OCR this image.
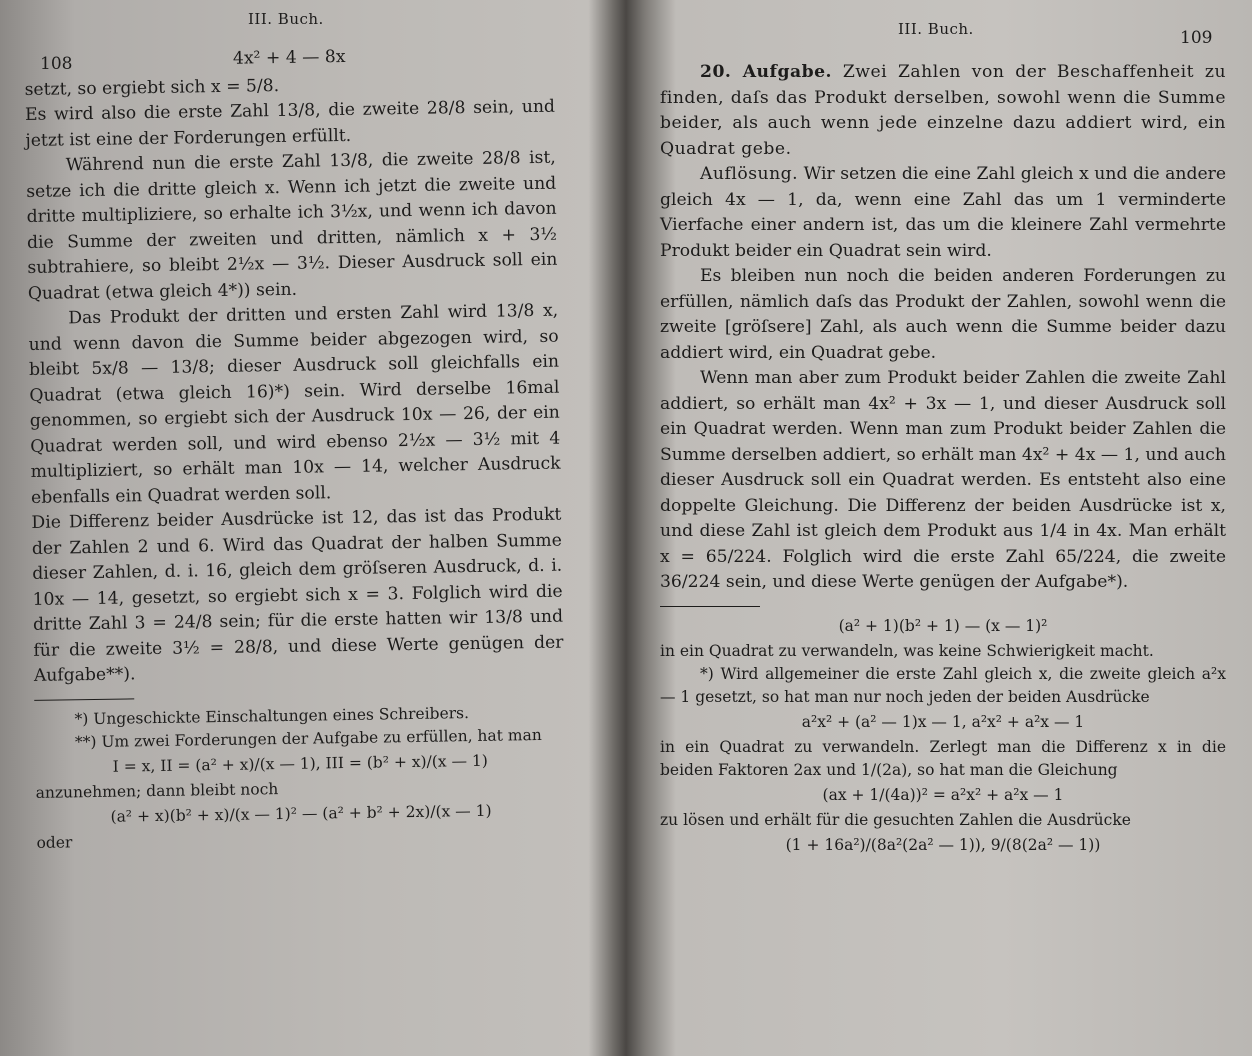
III. Buch.
108	4x² + 4 — 8x

setzt, so ergiebt sich x = 5/8.

Es wird also die erste Zahl 13/8, die zweite 28/8 sein, und jetzt ist eine der Forderungen erfüllt.

Während nun die erste Zahl 13/8, die zweite 28/8 ist, setze ich die dritte gleich x. Wenn ich jetzt die zweite und dritte multipliziere, so erhalte ich 3½x, und wenn ich davon die Summe der zweiten und dritten, nämlich x + 3½ subtrahiere, so bleibt 2½x — 3½. Dieser Ausdruck soll ein Quadrat (etwa gleich 4*)) sein.

Das Produkt der dritten und ersten Zahl wird 13/8 x, und wenn davon die Summe beider abgezogen wird, so bleibt 5x/8 — 13/8; dieser Ausdruck soll gleichfalls ein Quadrat (etwa gleich 16)*) sein. Wird derselbe 16mal genommen, so ergiebt sich der Ausdruck 10x — 26, der ein Quadrat werden soll, und wird ebenso 2½x — 3½ mit 4 multipliziert, so erhält man 10x — 14, welcher Ausdruck ebenfalls ein Quadrat werden soll.

Die Differenz beider Ausdrücke ist 12, das ist das Produkt der Zahlen 2 und 6. Wird das Quadrat der halben Summe dieser Zahlen, d. i. 16, gleich dem gröſseren Ausdruck, d. i. 10x — 14, gesetzt, so ergiebt sich x = 3. Folglich wird die dritte Zahl 3 = 24/8 sein; für die erste hatten wir 13/8 und für die zweite 3½ = 28/8, und diese Werte genügen der Aufgabe**).

*) Ungeschickte Einschaltungen eines Schreibers.

**) Um zwei Forderungen der Aufgabe zu erfüllen, hat man

I = x, II = (a² + x)/(x — 1), III = (b² + x)/(x — 1)

anzunehmen; dann bleibt noch

(a² + x)(b² + x)/(x — 1)² — (a² + b² + 2x)/(x — 1)

oder

III. Buch.	109

20. Aufgabe. Zwei Zahlen von der Beschaffenheit zu finden, daſs das Produkt derselben, sowohl wenn die Summe beider, als auch wenn jede einzelne dazu addiert wird, ein Quadrat gebe.

Auflösung. Wir setzen die eine Zahl gleich x und die andere gleich 4x — 1, da, wenn eine Zahl das um 1 verminderte Vierfache einer andern ist, das um die kleinere Zahl vermehrte Produkt beider ein Quadrat sein wird.

Es bleiben nun noch die beiden anderen Forderungen zu erfüllen, nämlich daſs das Produkt der Zahlen, sowohl wenn die zweite [gröſsere] Zahl, als auch wenn die Summe beider dazu addiert wird, ein Quadrat gebe.

Wenn man aber zum Produkt beider Zahlen die zweite Zahl addiert, so erhält man 4x² + 3x — 1, und dieser Ausdruck soll ein Quadrat werden. Wenn man zum Produkt beider Zahlen die Summe derselben addiert, so erhält man 4x² + 4x — 1, und auch dieser Ausdruck soll ein Quadrat werden. Es entsteht also eine doppelte Gleichung. Die Differenz der beiden Ausdrücke ist x, und diese Zahl ist gleich dem Produkt aus 1/4 in 4x. Man erhält x = 65/224. Folglich wird die erste Zahl 65/224, die zweite 36/224 sein, und diese Werte genügen der Aufgabe*).

(a² + 1)(b² + 1) — (x — 1)²

in ein Quadrat zu verwandeln, was keine Schwierigkeit macht.

*) Wird allgemeiner die erste Zahl gleich x, die zweite gleich a²x — 1 gesetzt, so hat man nur noch jeden der beiden Ausdrücke

a²x² + (a² — 1)x — 1, a²x² + a²x — 1

in ein Quadrat zu verwandeln. Zerlegt man die Differenz x in die beiden Faktoren 2ax und 1/(2a), so hat man die Gleichung

(ax + 1/(4a))² = a²x² + a²x — 1

zu lösen und erhält für die gesuchten Zahlen die Ausdrücke

(1 + 16a²)/(8a²(2a² — 1)), 9/(8(2a² — 1))
